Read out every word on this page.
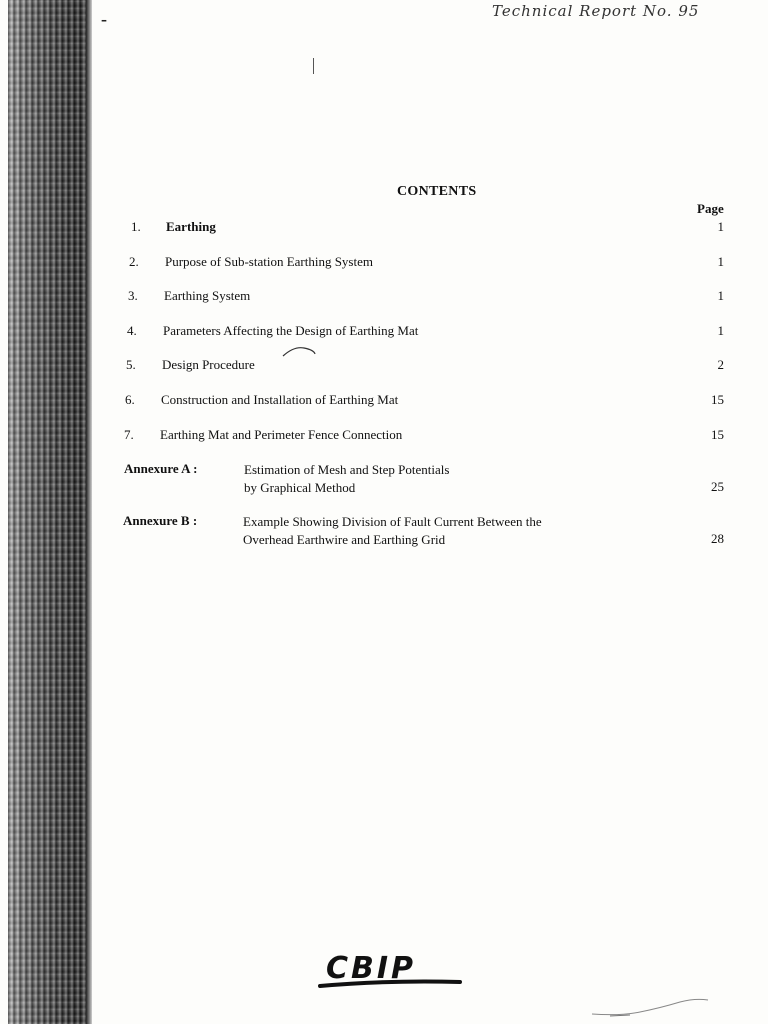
-	Technical Report No. 95
CONTENTS
Page
1. Earthing	1
2. Purpose of Sub-station Earthing System	1
3. Earthing System	1
4. Parameters Affecting the Design of Earthing Mat	1
5. Design Procedure	2
6. Construction and Installation of Earthing Mat	15
7. Earthing Mat and Perimeter Fence Connection	15
Annexure A :	Estimation of Mesh and Step Potentials
by Graphical Method	25
Annexure B :	Example Showing Division of Fault Current Between the
Overhead Earthwire and Earthing Grid	28
CBIP
